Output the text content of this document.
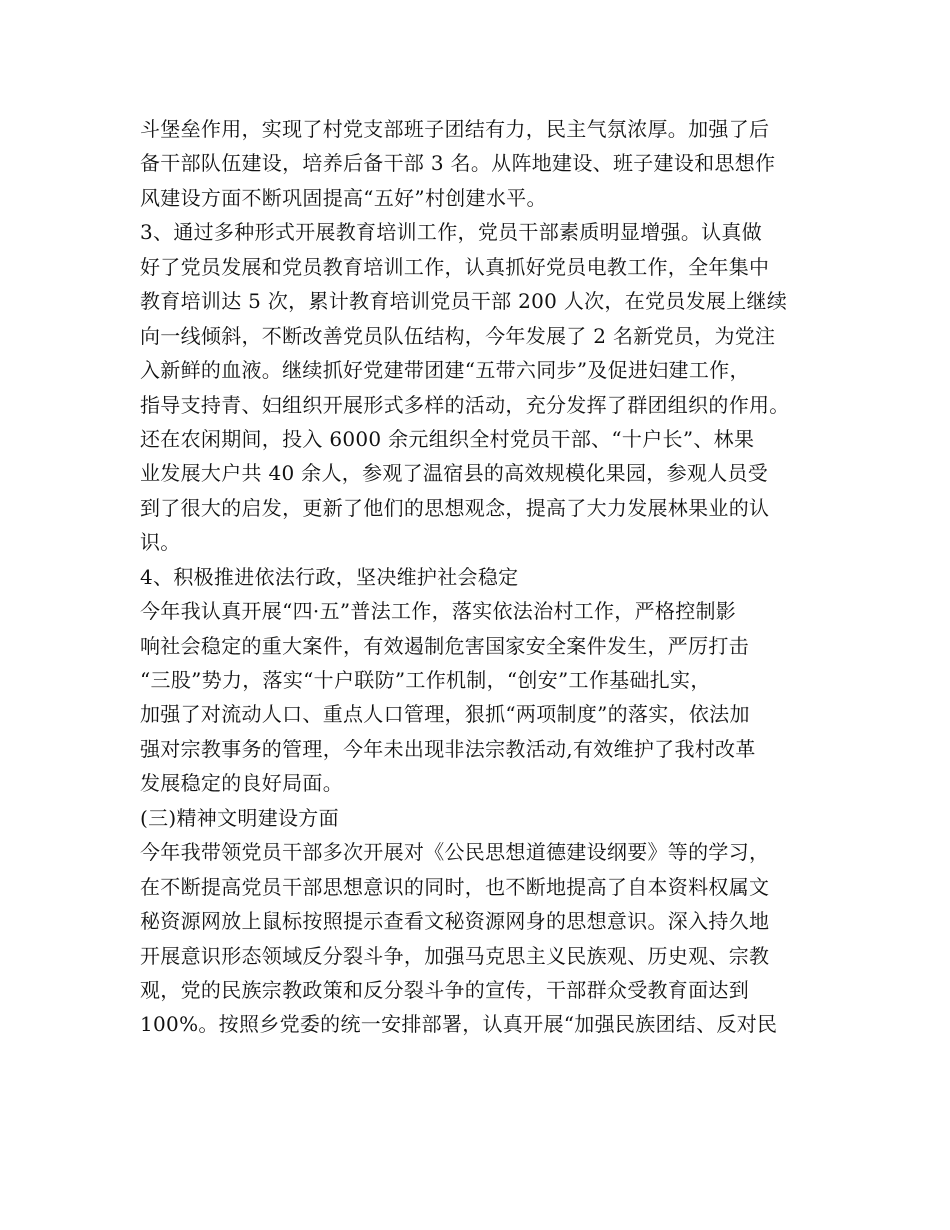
斗堡垒作用，实现了村党支部班子团结有力，民主气氛浓厚。加强了后
备干部队伍建设，培养后备干部 3 名。从阵地建设、班子建设和思想作
风建设方面不断巩固提高“五好”村创建水平。
3、通过多种形式开展教育培训工作，党员干部素质明显增强。认真做
好了党员发展和党员教育培训工作，认真抓好党员电教工作，全年集中
教育培训达 5 次，累计教育培训党员干部 200 人次，在党员发展上继续
向一线倾斜，不断改善党员队伍结构，今年发展了 2 名新党员，为党注
入新鲜的血液。继续抓好党建带团建“五带六同步”及促进妇建工作，
指导支持青、妇组织开展形式多样的活动，充分发挥了群团组织的作用。
还在农闲期间，投入 6000 余元组织全村党员干部、“十户长”、林果
业发展大户共 40 余人，参观了温宿县的高效规模化果园，参观人员受
到了很大的启发，更新了他们的思想观念，提高了大力发展林果业的认
识。
4、积极推进依法行政，坚决维护社会稳定
今年我认真开展“四·五”普法工作，落实依法治村工作，严格控制影
响社会稳定的重大案件，有效遏制危害国家安全案件发生，严厉打击
“三股”势力，落实“十户联防”工作机制，“创安”工作基础扎实，
加强了对流动人口、重点人口管理，狠抓“两项制度”的落实，依法加
强对宗教事务的管理，今年未出现非法宗教活动,有效维护了我村改革
发展稳定的良好局面。
(三)精神文明建设方面
今年我带领党员干部多次开展对《公民思想道德建设纲要》等的学习，
在不断提高党员干部思想意识的同时，也不断地提高了自本资料权属文
秘资源网放上鼠标按照提示查看文秘资源网身的思想意识。深入持久地
开展意识形态领域反分裂斗争，加强马克思主义民族观、历史观、宗教
观，党的民族宗教政策和反分裂斗争的宣传，干部群众受教育面达到
100%。按照乡党委的统一安排部署，认真开展“加强民族团结、反对民
